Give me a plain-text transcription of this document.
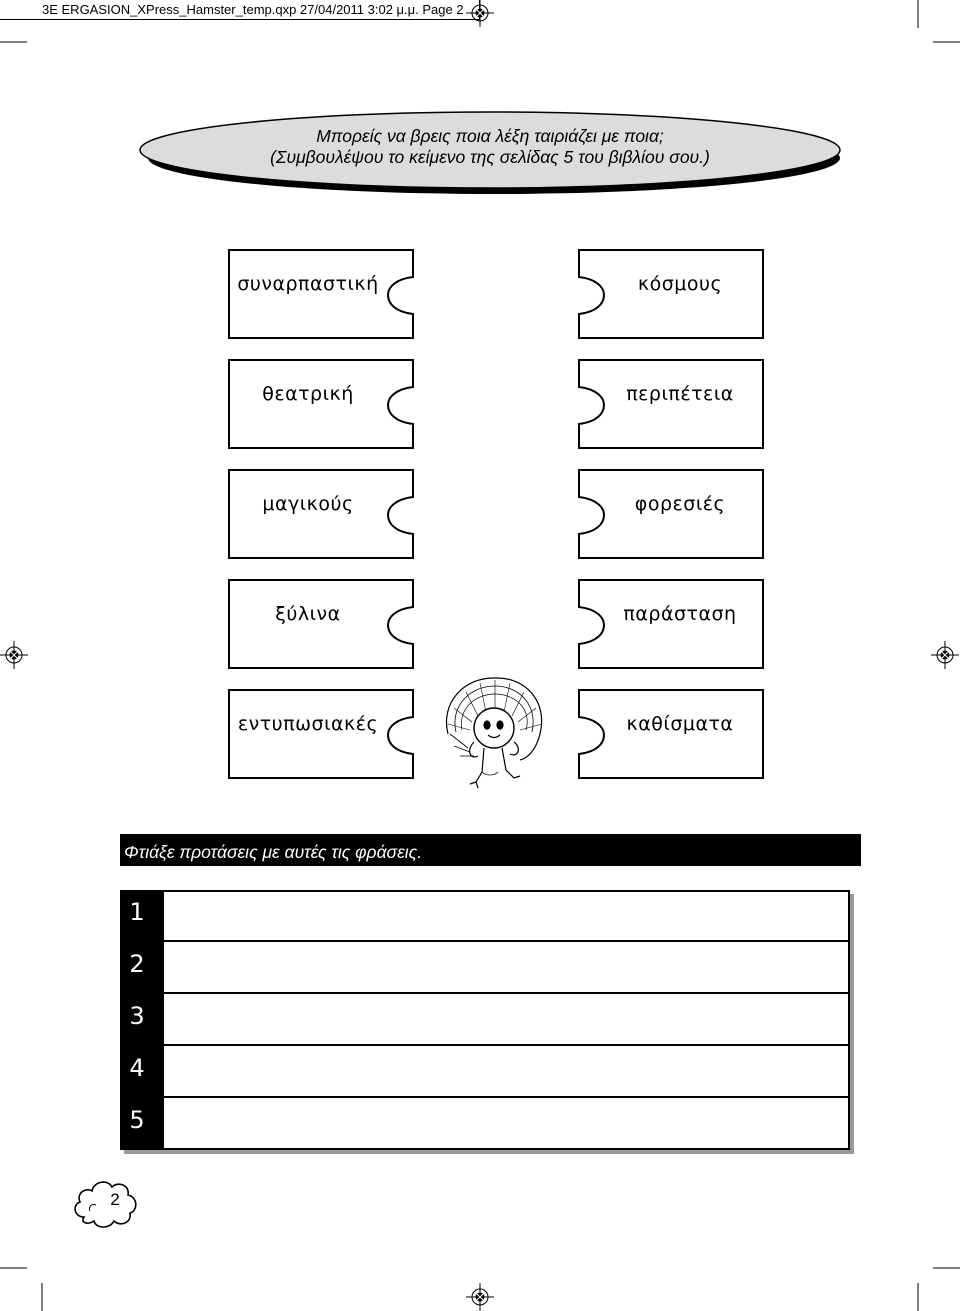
3E ERGASION_XPress_Hamster_temp.qxp 27/04/2011 3:02 μ.μ. Page 2
Μπορείς να βρεις ποια λέξη ταιριάζει με ποια;
(Συμβουλέψου το κείμενο της σελίδας 5 του βιβλίου σου.)
συναρπαστική
θεατρική
μαγικούς
ξύλινα
εντυπωσιακές
κόσμους
περιπέτεια
φορεσιές
παράσταση
καθίσματα
Φτιάξε προτάσεις με αυτές τις φράσεις.
1
2
3
4
5
2
